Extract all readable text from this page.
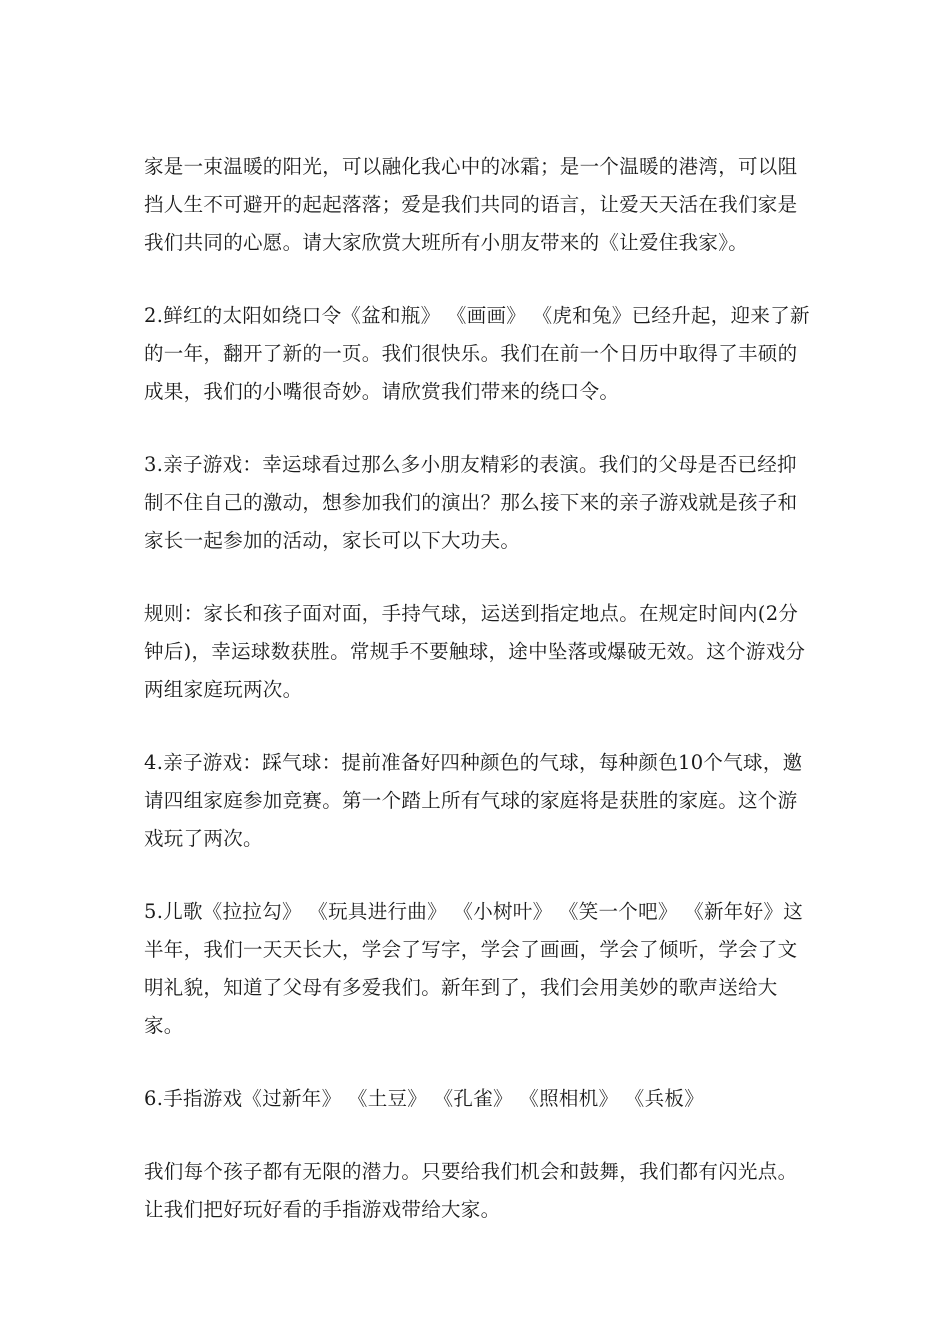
家是一束温暖的阳光，可以融化我心中的冰霜；是一个温暖的港湾，可以阻挡人生不可避开的起起落落；爱是我们共同的语言，让爱天天活在我们家是我们共同的心愿。请大家欣赏大班所有小朋友带来的《让爱住我家》。

2.鲜红的太阳如绕口令《盆和瓶》 《画画》 《虎和兔》已经升起，迎来了新的一年，翻开了新的一页。我们很快乐。我们在前一个日历中取得了丰硕的成果，我们的小嘴很奇妙。请欣赏我们带来的绕口令。

3.亲子游戏：幸运球看过那么多小朋友精彩的表演。我们的父母是否已经抑制不住自己的激动，想参加我们的演出？那么接下来的亲子游戏就是孩子和家长一起参加的活动，家长可以下大功夫。

规则：家长和孩子面对面，手持气球，运送到指定地点。在规定时间内(2分钟后)，幸运球数获胜。常规手不要触球，途中坠落或爆破无效。这个游戏分两组家庭玩两次。

4.亲子游戏：踩气球：提前准备好四种颜色的气球，每种颜色10个气球，邀请四组家庭参加竞赛。第一个踏上所有气球的家庭将是获胜的家庭。这个游戏玩了两次。

5.儿歌《拉拉勾》 《玩具进行曲》 《小树叶》 《笑一个吧》 《新年好》这半年，我们一天天长大，学会了写字，学会了画画，学会了倾听，学会了文明礼貌，知道了父母有多爱我们。新年到了，我们会用美妙的歌声送给大家。

6.手指游戏《过新年》 《土豆》 《孔雀》 《照相机》 《兵板》

我们每个孩子都有无限的潜力。只要给我们机会和鼓舞，我们都有闪光点。让我们把好玩好看的手指游戏带给大家。
